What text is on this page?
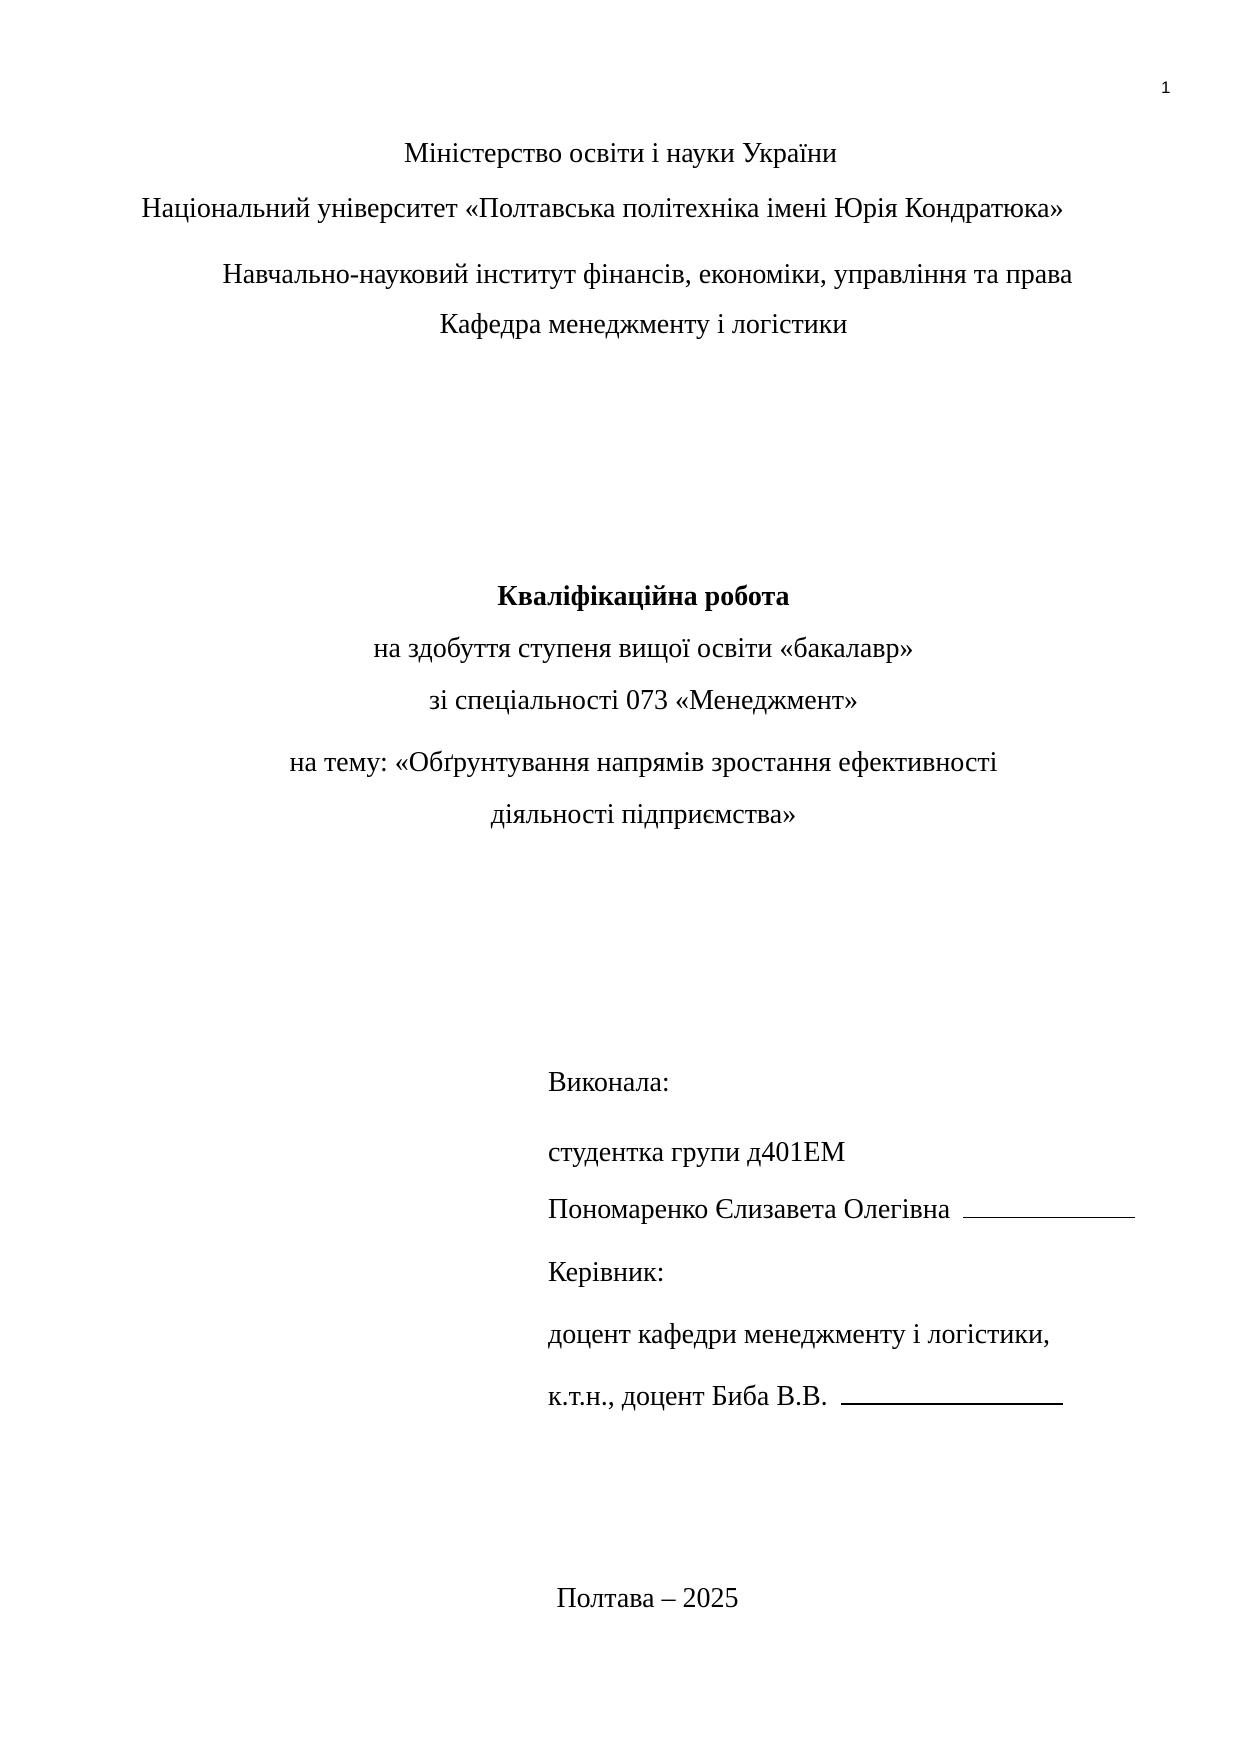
1
Міністерство освіти і науки України
Національний університет «Полтавська політехніка імені Юрія Кондратюка»
Навчально-науковий інститут фінансів, економіки, управління та права
Кафедра менеджменту і логістики
Кваліфікаційна робота
на здобуття ступеня вищої освіти «бакалавр»
зі спеціальності 073 «Менеджмент»
на тему: «Обґрунтування напрямів зростання ефективності
діяльності підприємства»
Виконала:
студентка групи д401ЕМ
Пономаренко Єлизавета Олегівна
Керівник:
доцент кафедри менеджменту і логістики,
к.т.н., доцент Биба В.В.
Полтава – 2025
